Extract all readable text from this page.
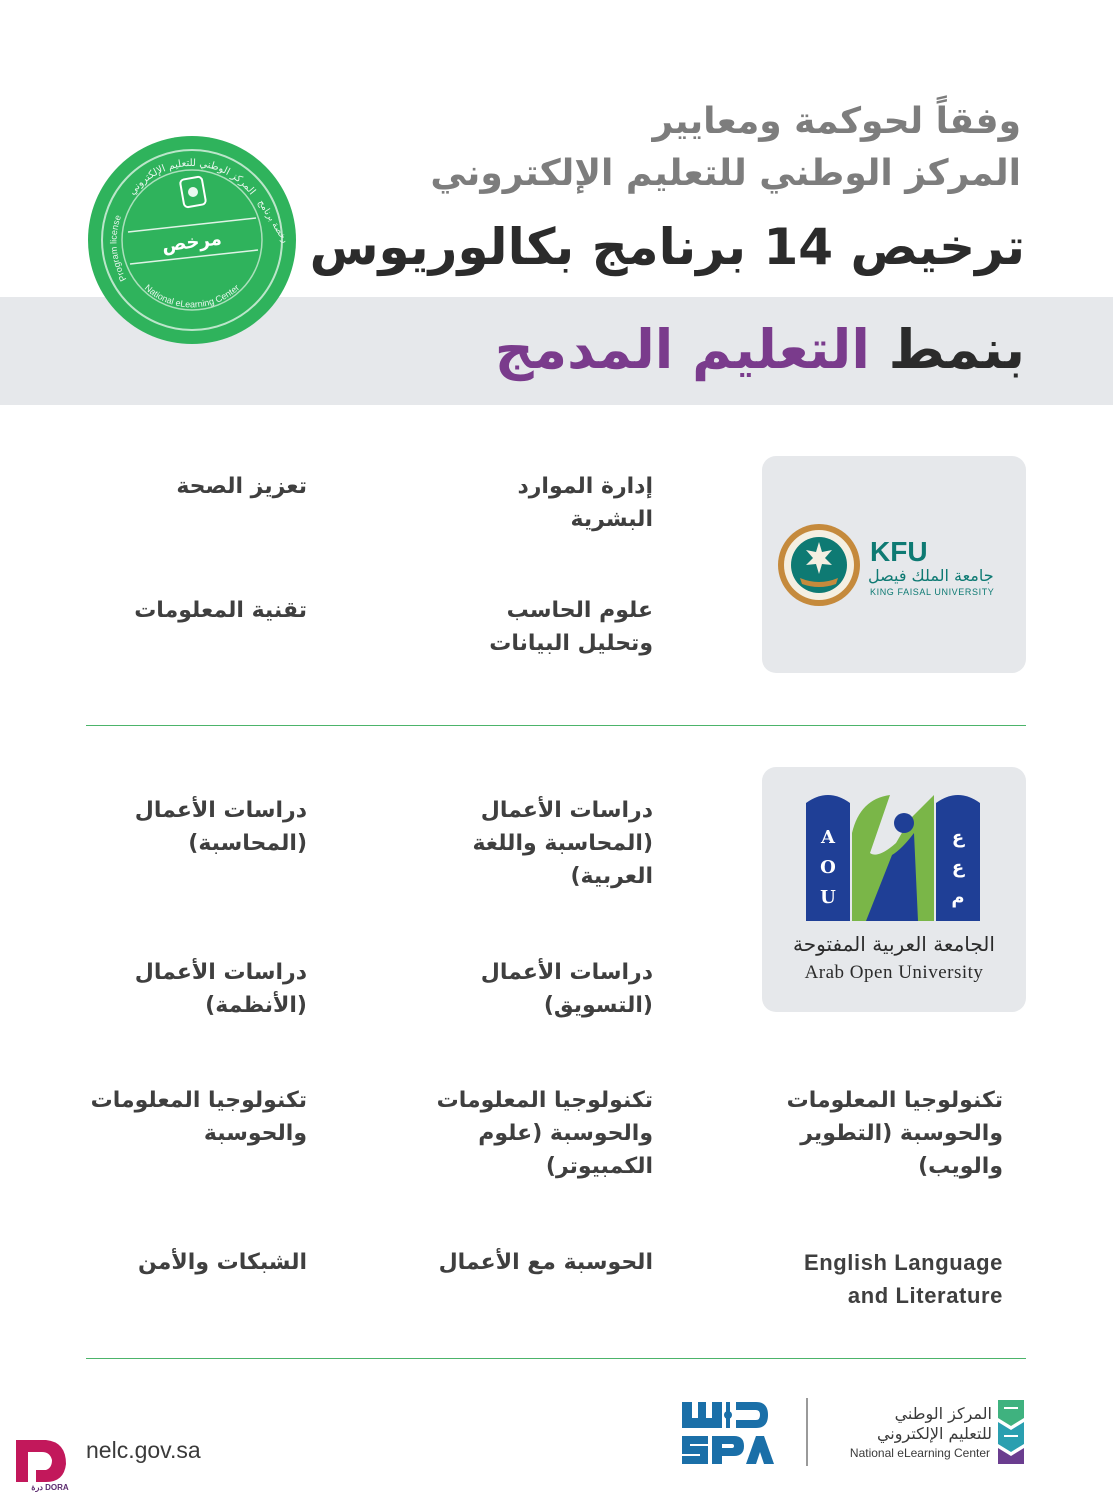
وفقاً لحوكمة ومعايير
المركز الوطني للتعليم الإلكتروني
ترخيص 14 برنامج بكالوريوس
بنمط التعليم المدمج
المركز الوطني للتعليم الإلكتروني
National eLearning Center
Program license	رخصة برنامج
مرخص
KFU
جامعة الملك فيصل
KING FAISAL UNIVERSITY
إدارة الموارد
البشرية
تعزيز الصحة
علوم الحاسب
وتحليل البيانات
تقنية المعلومات
A
O
U
ع
ع
م
الجامعة العربية المفتوحة
Arab Open University
دراسات الأعمال
(المحاسبة واللغة
العربية)
دراسات الأعمال
(المحاسبة)
دراسات الأعمال
(التسويق)
دراسات الأعمال
(الأنظمة)
تكنولوجيا المعلومات
والحوسبة (التطوير
والويب)
تكنولوجيا المعلومات
والحوسبة (علوم
الكمبيوتر)
تكنولوجيا المعلومات
والحوسبة
English Language
and Literature
الحوسبة مع الأعمال
الشبكات والأمن
درة DORA
nelc.gov.sa
المركز الوطني
للتعليم الإلكتروني
National eLearning Center
